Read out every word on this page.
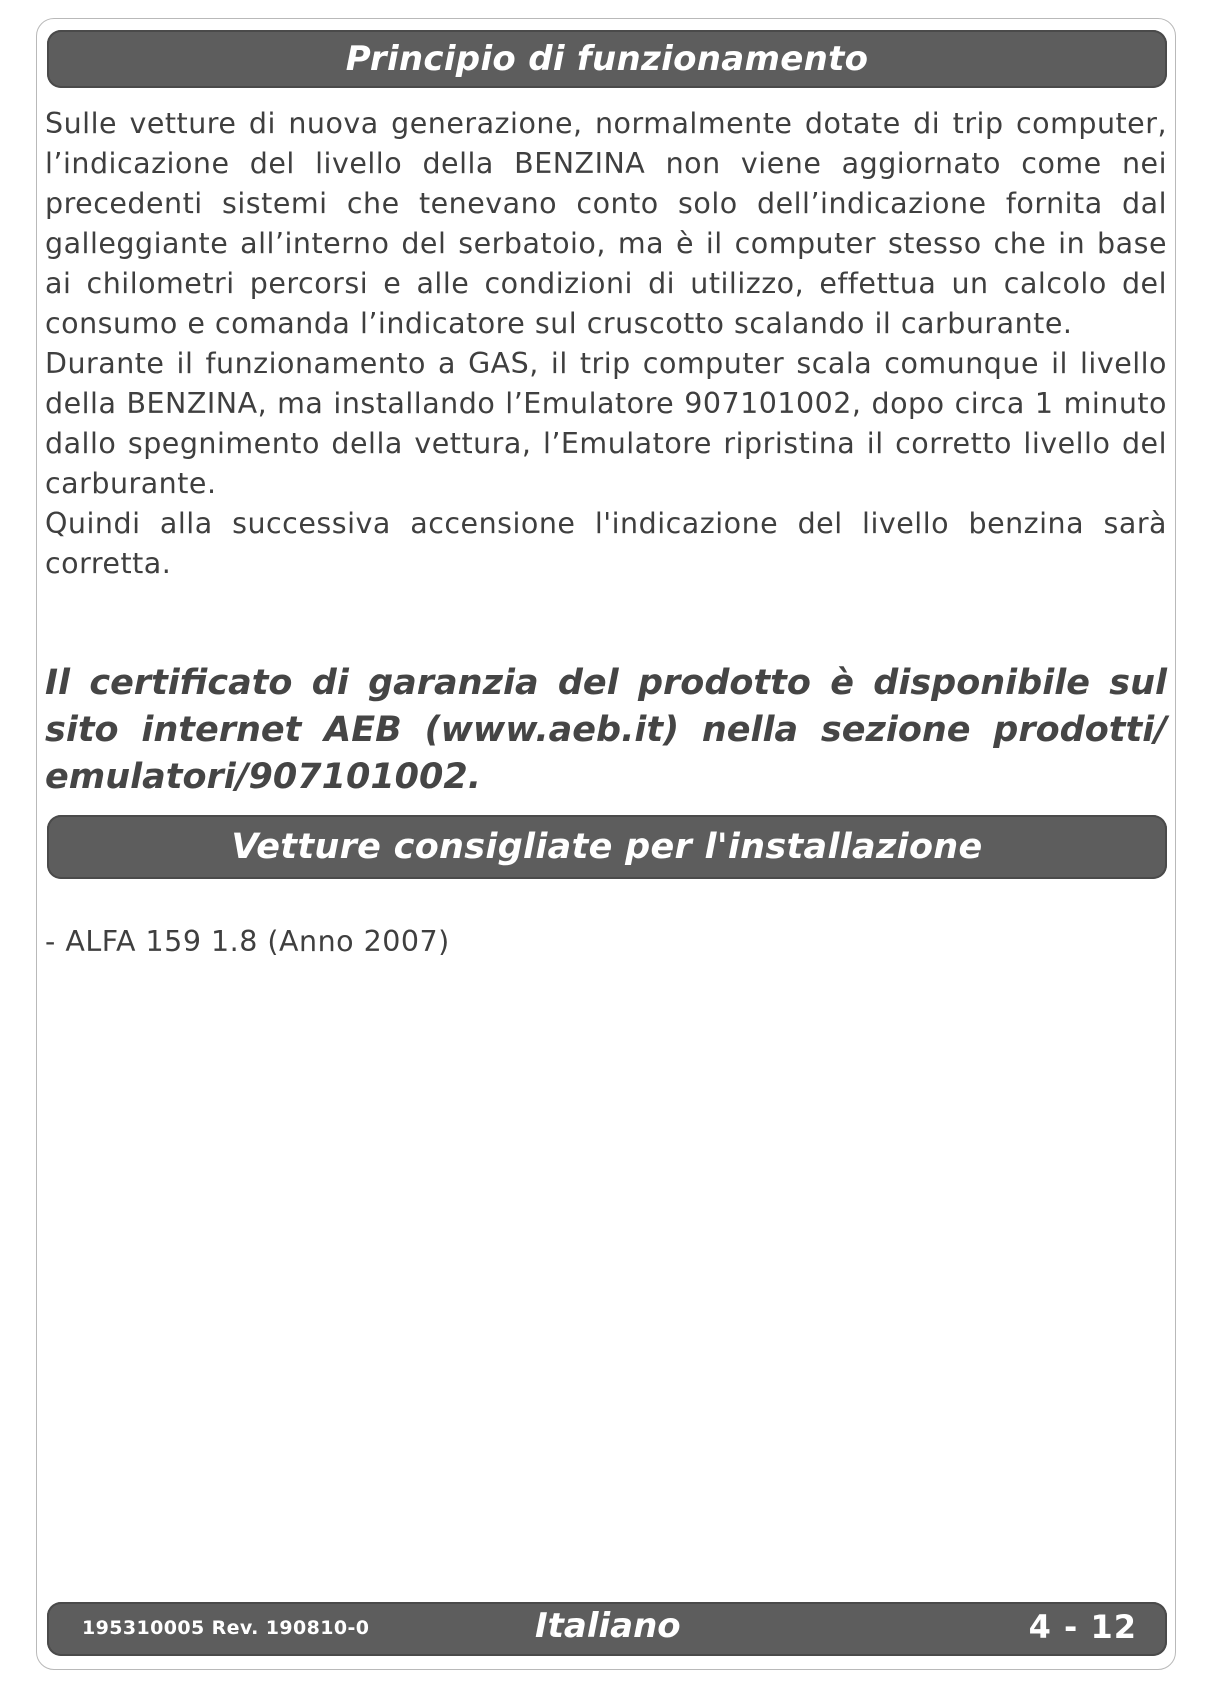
Principio di funzionamento

Sulle vetture di nuova generazione, normalmente dotate di trip computer, l’indicazione del livello della BENZINA non viene aggiornato come nei precedenti sistemi che tenevano conto solo dell’indicazione fornita dal galleggiante all’interno del serbatoio, ma è il computer stesso che in base ai chilometri percorsi e alle condizioni di utilizzo, effettua un calcolo del consumo e comanda l’indicatore sul cruscotto scalando il carburante.

Durante il funzionamento a GAS, il trip computer scala comunque il livello della BENZINA, ma installando l’Emulatore 907101002, dopo circa 1 minuto dallo spegnimento della vettura, l’Emulatore ripristina il corretto livello del carburante.

Quindi alla successiva accensione l'indicazione del livello benzina sarà corretta.

Il certificato di garanzia del prodotto è disponibile sul sito internet AEB (www.aeb.it) nella sezione prodotti/ emulatori/907101002.

Vetture consigliate per l'installazione
- ALFA 159 1.8 (Anno 2007)
195310005 Rev. 190810-0	Italiano	4 - 12
